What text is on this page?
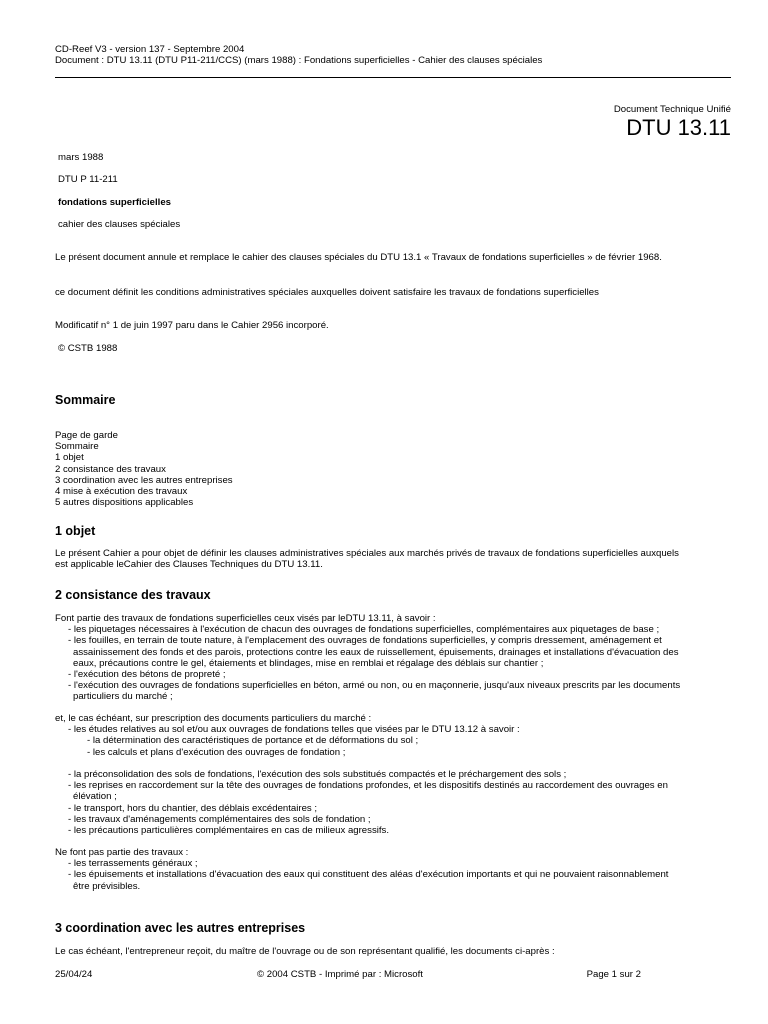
CD-Reef V3 - version 137 - Septembre 2004
Document : DTU 13.11 (DTU P11-211/CCS) (mars 1988) : Fondations superficielles - Cahier des clauses spéciales
Document Technique Unifié
DTU 13.11
mars 1988
DTU P 11-211
fondations superficielles
cahier des clauses spéciales
Le présent document annule et remplace le cahier des clauses spéciales du DTU 13.1 « Travaux de fondations superficielles » de février 1968.
ce document définit les conditions administratives spéciales auxquelles doivent satisfaire les travaux de fondations superficielles
Modificatif n° 1 de juin 1997 paru dans le Cahier 2956 incorporé.
© CSTB 1988
Sommaire
Page de garde
Sommaire
1 objet
2 consistance des travaux
3 coordination avec les autres entreprises
4 mise à exécution des travaux
5 autres dispositions applicables
1 objet
Le présent Cahier a pour objet de définir les clauses administratives spéciales aux marchés privés de travaux de fondations superficielles auxquels
est applicable leCahier des Clauses Techniques du DTU 13.11.
2 consistance des travaux
Font partie des travaux de fondations superficielles ceux visés par leDTU 13.11, à savoir :
- les piquetages nécessaires à l'exécution de chacun des ouvrages de fondations superficielles, complémentaires aux piquetages de base ;
- les fouilles, en terrain de toute nature, à l'emplacement des ouvrages de fondations superficielles, y compris dressement, aménagement et
assainissement des fonds et des parois, protections contre les eaux de ruissellement, épuisements, drainages et installations d'évacuation des
eaux, précautions contre le gel, étaiements et blindages, mise en remblai et régalage des déblais sur chantier ;
- l'exécution des bétons de propreté ;
- l'exécution des ouvrages de fondations superficielles en béton, armé ou non, ou en maçonnerie, jusqu'aux niveaux prescrits par les documents
particuliers du marché ;
et, le cas échéant, sur prescription des documents particuliers du marché :
- les études relatives au sol et/ou aux ouvrages de fondations telles que visées par le DTU 13.12 à savoir :
- la détermination des caractéristiques de portance et de déformations du sol ;
- les calculs et plans d'exécution des ouvrages de fondation ;
- la préconsolidation des sols de fondations, l'exécution des sols substitués compactés et le préchargement des sols ;
- les reprises en raccordement sur la tête des ouvrages de fondations profondes, et les dispositifs destinés au raccordement des ouvrages en
élévation ;
- le transport, hors du chantier, des déblais excédentaires ;
- les travaux d'aménagements complémentaires des sols de fondation ;
- les précautions particulières complémentaires en cas de milieux agressifs.
Ne font pas partie des travaux :
- les terrassements généraux ;
- les épuisements et installations d'évacuation des eaux qui constituent des aléas d'exécution importants et qui ne pouvaient raisonnablement
être prévisibles.
3 coordination avec les autres entreprises
Le cas échéant, l'entrepreneur reçoit, du maître de l'ouvrage ou de son représentant qualifié, les documents ci-après :
25/04/24	© 2004 CSTB - Imprimé par : Microsoft	Page 1 sur 2
